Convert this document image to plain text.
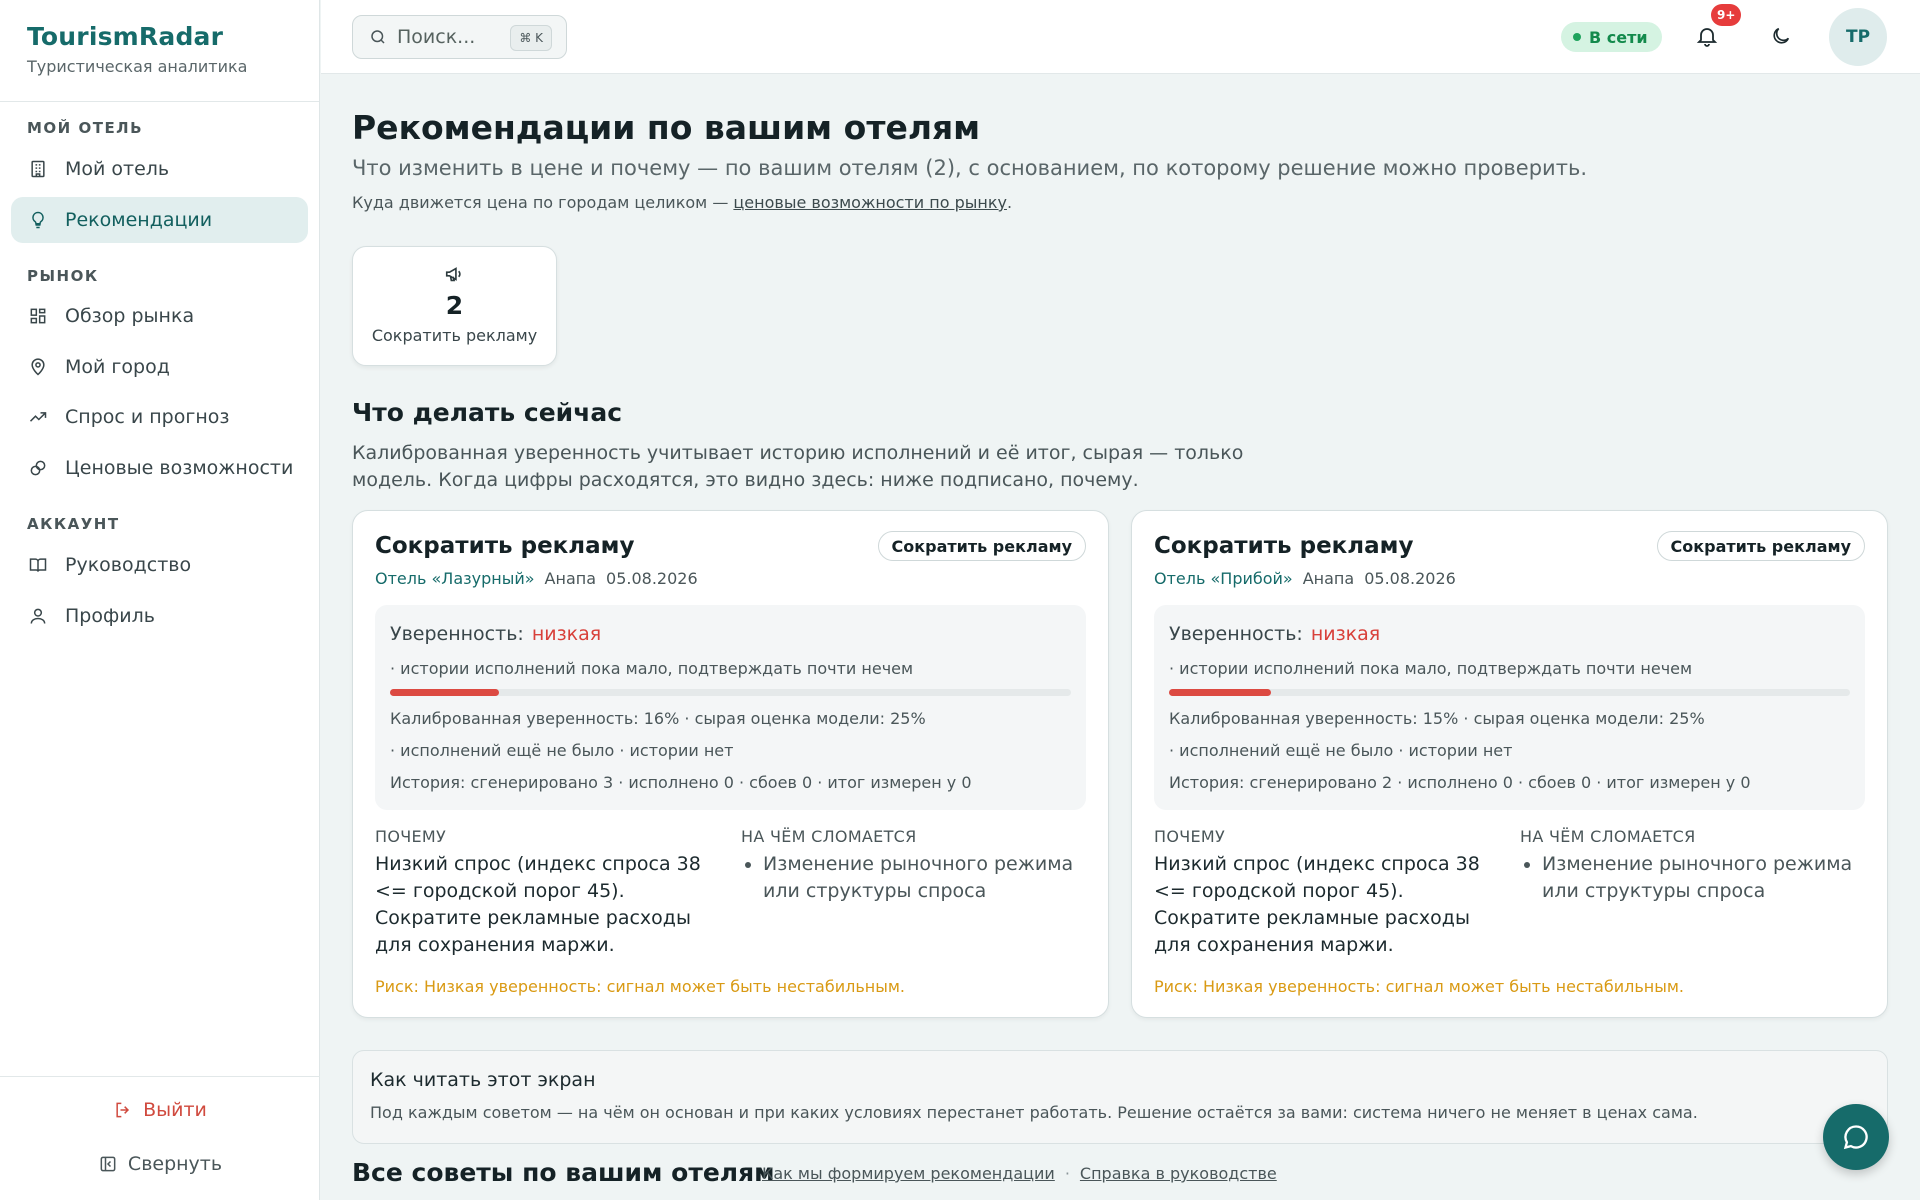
TourismRadar
Туристическая аналитика
МОЙ ОТЕЛЬ
Мой отель
Рекомендации
РЫНОК
Обзор рынка
Мой город
Спрос и прогноз
Ценовые возможности
АККАУНТ
Руководство
Профиль
Выйти
Свернуть
Поиск...	⌘ K	В сети
9+
TP
Рекомендации по вашим отелям
Что изменить в цене и почему — по вашим отелям (2), с основанием, по которому решение можно проверить.
Куда движется цена по городам целиком — ценовые возможности по рынку.
2
Сократить рекламу
Что делать сейчас

Калиброванная уверенность учитывает историю исполнений и её итог, сырая — только модель. Когда цифры расходятся, это видно здесь: ниже подписано, почему.

Сократить рекламу	Сократить рекламу
Отель «Лазурный» Анапа 05.08.2026
Уверенность: низкая
· истории исполнений пока мало, подтверждать почти нечем
Калиброванная уверенность: 16% · сырая оценка модели: 25%
· исполнений ещё не было · истории нет
История: сгенерировано 3 · исполнено 0 · сбоев 0 · итог измерен у 0
ПОЧЕМУ	НА ЧЁМ СЛОМАЕТСЯ
Низкий спрос (индекс спроса 38 <= городской порог 45). Сократите рекламные расходы для сохранения маржи.
• Изменение рыночного режима или структуры спроса
Риск: Низкая уверенность: сигнал может быть нестабильным.
Сократить рекламу	Сократить рекламу
Отель «Прибой» Анапа 05.08.2026
Уверенность: низкая
· истории исполнений пока мало, подтверждать почти нечем
Калиброванная уверенность: 15% · сырая оценка модели: 25%
· исполнений ещё не было · истории нет
История: сгенерировано 2 · исполнено 0 · сбоев 0 · итог измерен у 0
ПОЧЕМУ	НА ЧЁМ СЛОМАЕТСЯ
Низкий спрос (индекс спроса 38 <= городской порог 45). Сократите рекламные расходы для сохранения маржи.
• Изменение рыночного режима или структуры спроса
Риск: Низкая уверенность: сигнал может быть нестабильным.
Как читать этот экран
Под каждым советом — на чём он основан и при каких условиях перестанет работать. Решение остаётся за вами: система ничего не меняет в ценах сама.
Все советы по вашим отелям
Как мы формируем рекомендации · Справка в руководстве
